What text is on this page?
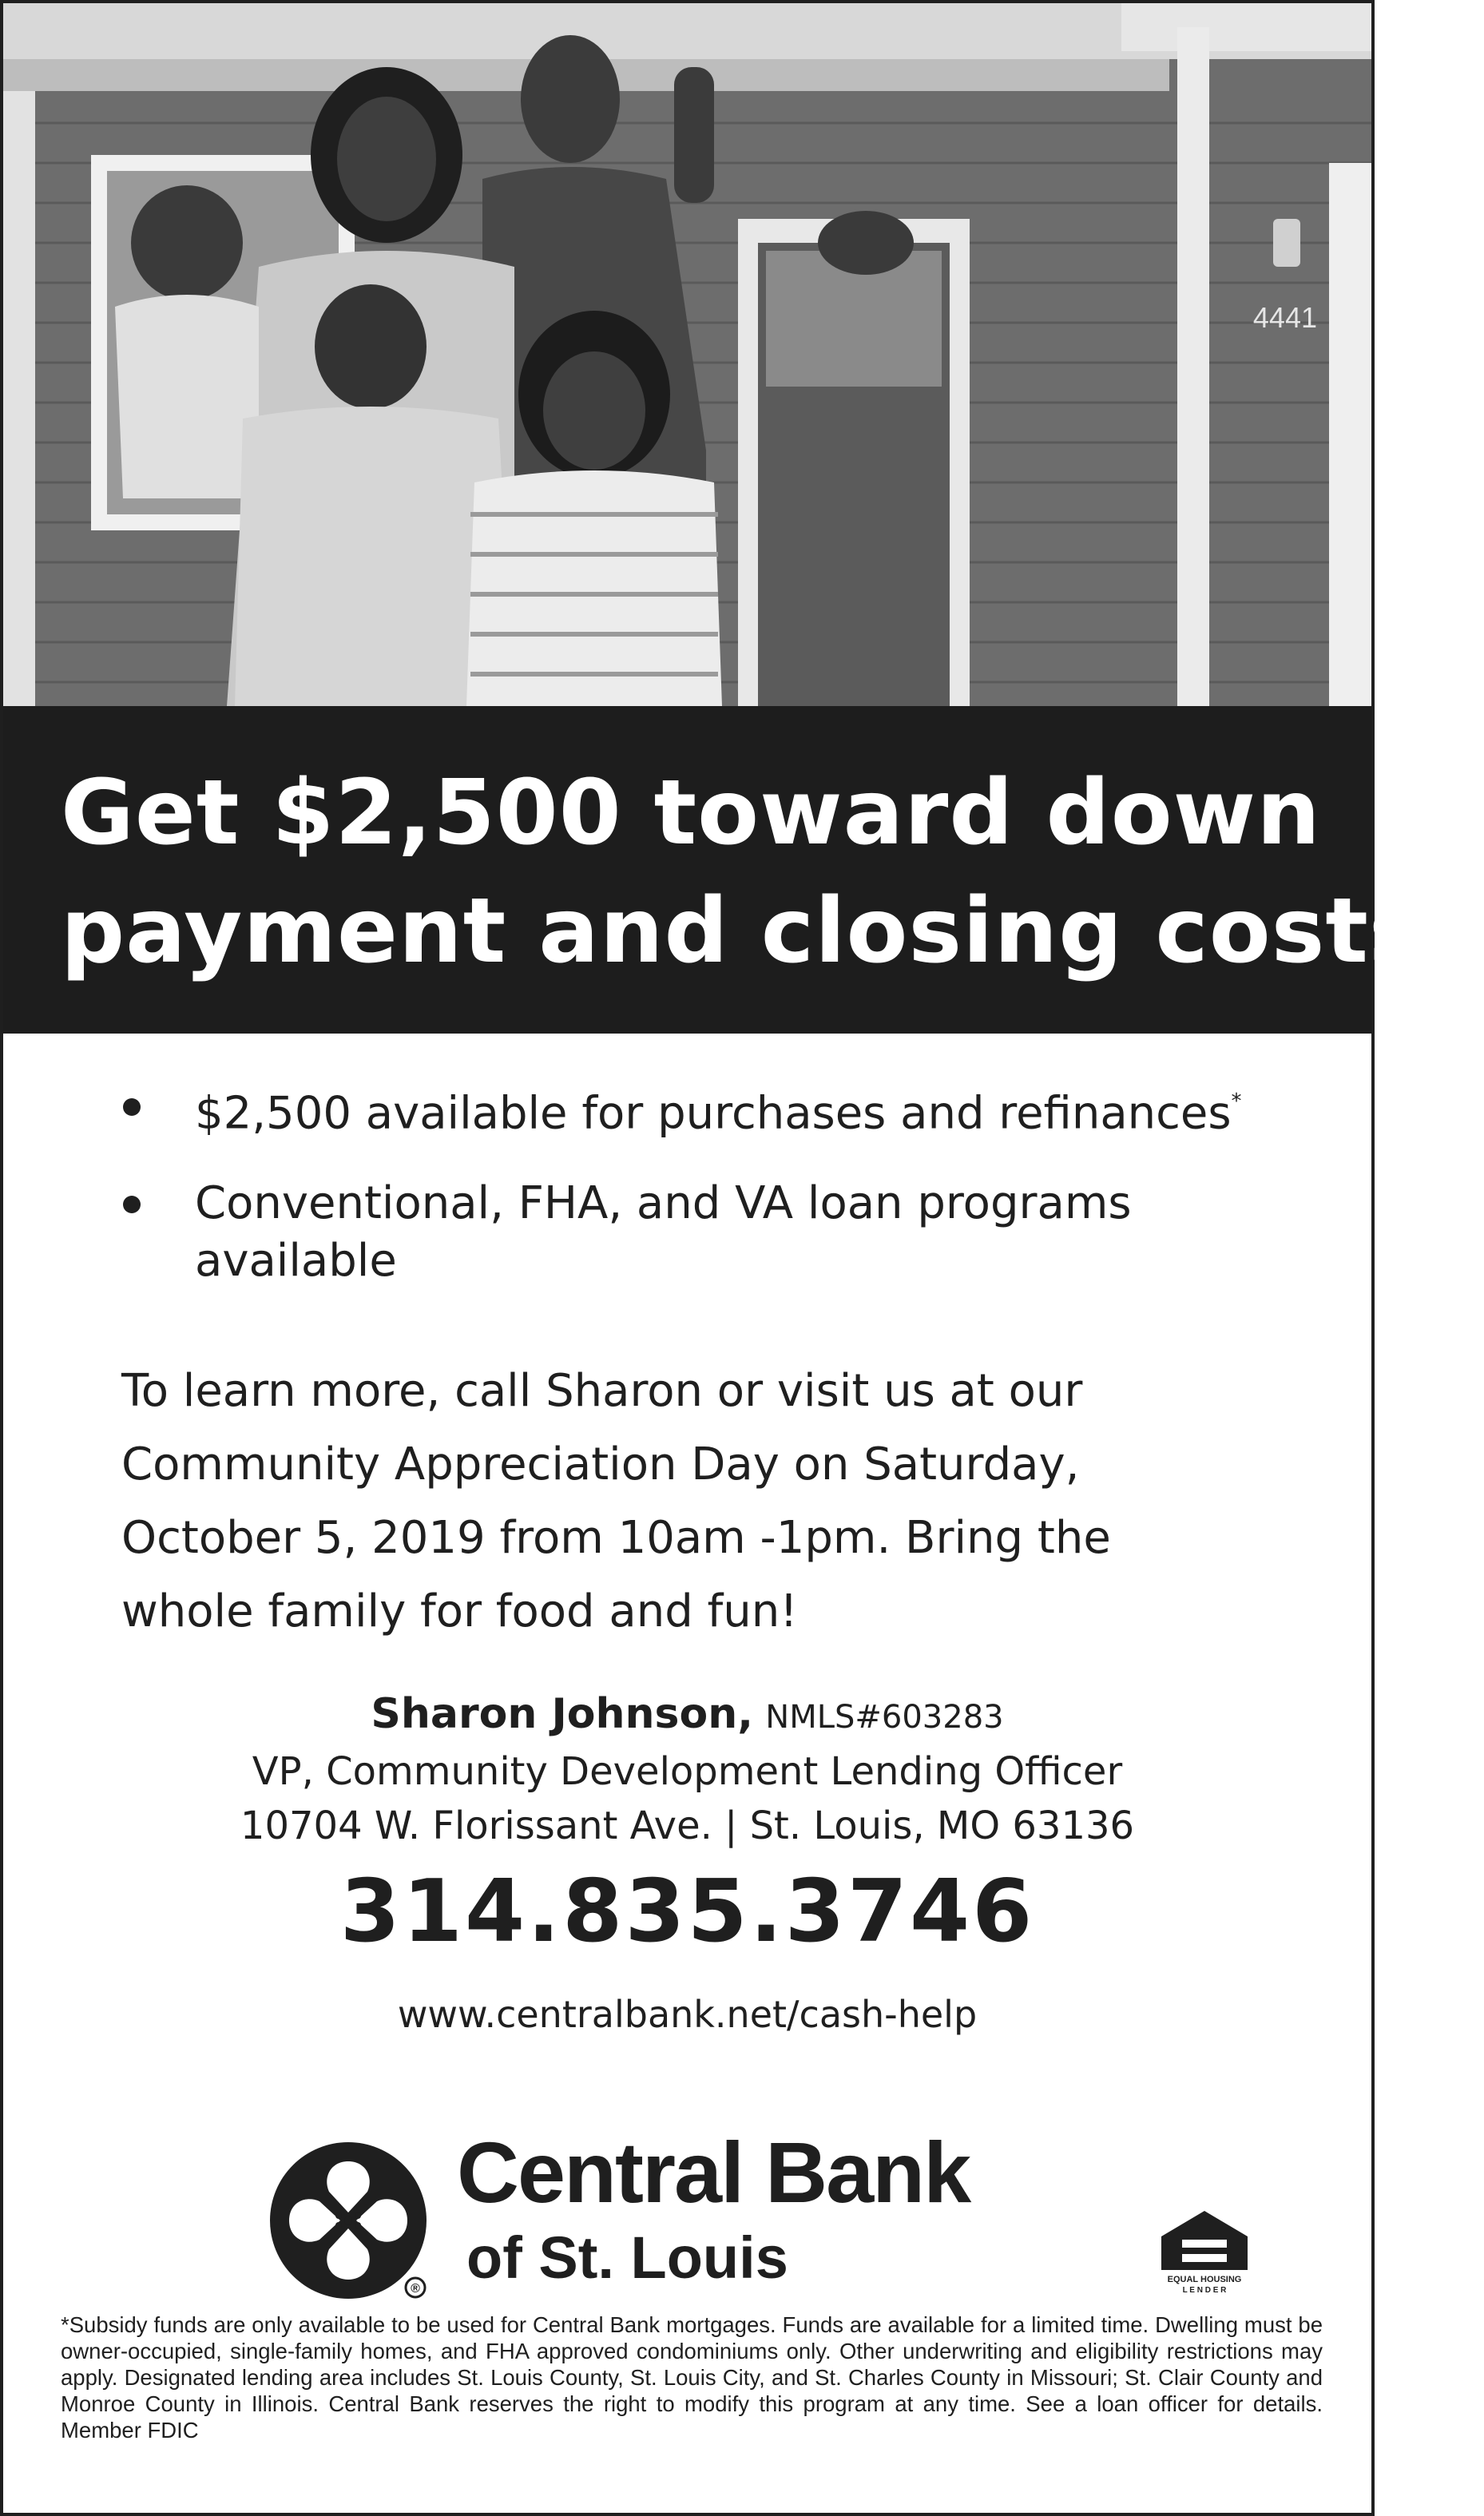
4441
Get $2,500 toward down
payment and closing costs!*
$2,500 available for purchases and refinances*
Conventional, FHA, and VA loan programs available

To learn more, call Sharon or visit us at our
Community Appreciation Day on Saturday,
October 5, 2019 from 10am -1pm. Bring the
whole family for food and fun!

Sharon Johnson, NMLS#603283
VP, Community Development Lending Officer
10704 W. Florissant Ave. | St. Louis, MO 63136
314.835.3746
www.centralbank.net/cash-help
®
Central Bank
of St. Louis	EQUAL HOUSING
L E N D E R

*Subsidy funds are only available to be used for Central Bank mortgages. Funds are available for a limited time. Dwelling must be owner-occupied, single-family homes, and FHA approved condominiums only. Other underwriting and eligibility restrictions may apply. Designated lending area includes St. Louis County, St. Louis City, and St. Charles County in Missouri; St. Clair County and Monroe County in Illinois. Central Bank reserves the right to modify this program at any time. See a loan officer for details. Member FDIC
